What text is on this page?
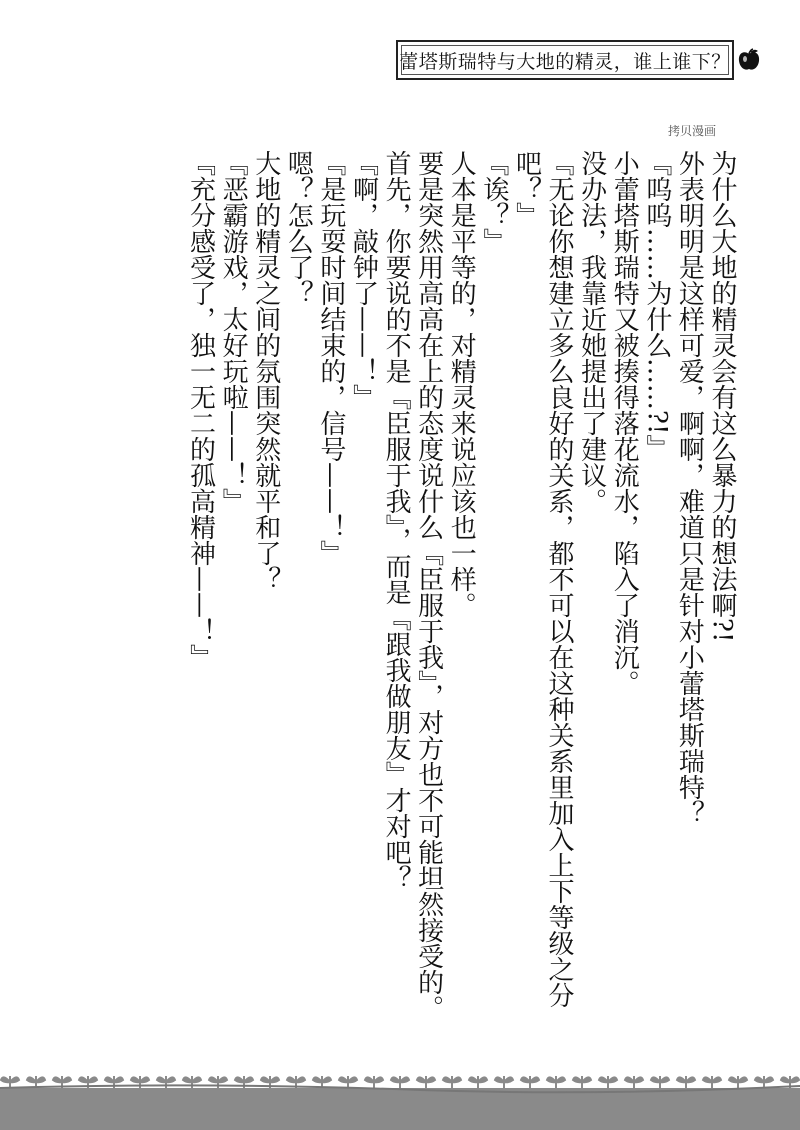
蕾塔斯瑞特与大地的精灵，谁上谁下？
拷贝漫画

为什么大地的精灵会有这么暴力的想法啊?!

外表明明是这样可爱，啊啊，难道只是针对小蕾塔斯瑞特？

『呜呜……为什么……?!』

小蕾塔斯瑞特又被揍得落花流水，陷入了消沉。

没办法，我靠近她提出了建议。

『无论你想建立多么良好的关系，都不可以在这种关系里加入上下等级之分吧？』

『诶？』

人本是平等的，对精灵来说应该也一样。

要是突然用高高在上的态度说什么『臣服于我』，对方也不可能坦然接受的。

首先，你要说的不是『臣服于我』，而是『跟我做朋友』才对吧？

『啊，敲钟了——！』

『是玩耍时间结束的，信号——！』

嗯？怎么了？

大地的精灵之间的氛围突然就平和了？

『恶霸游戏，太好玩啦——！』

『充分感受了，独一无二的孤高精神——！』
